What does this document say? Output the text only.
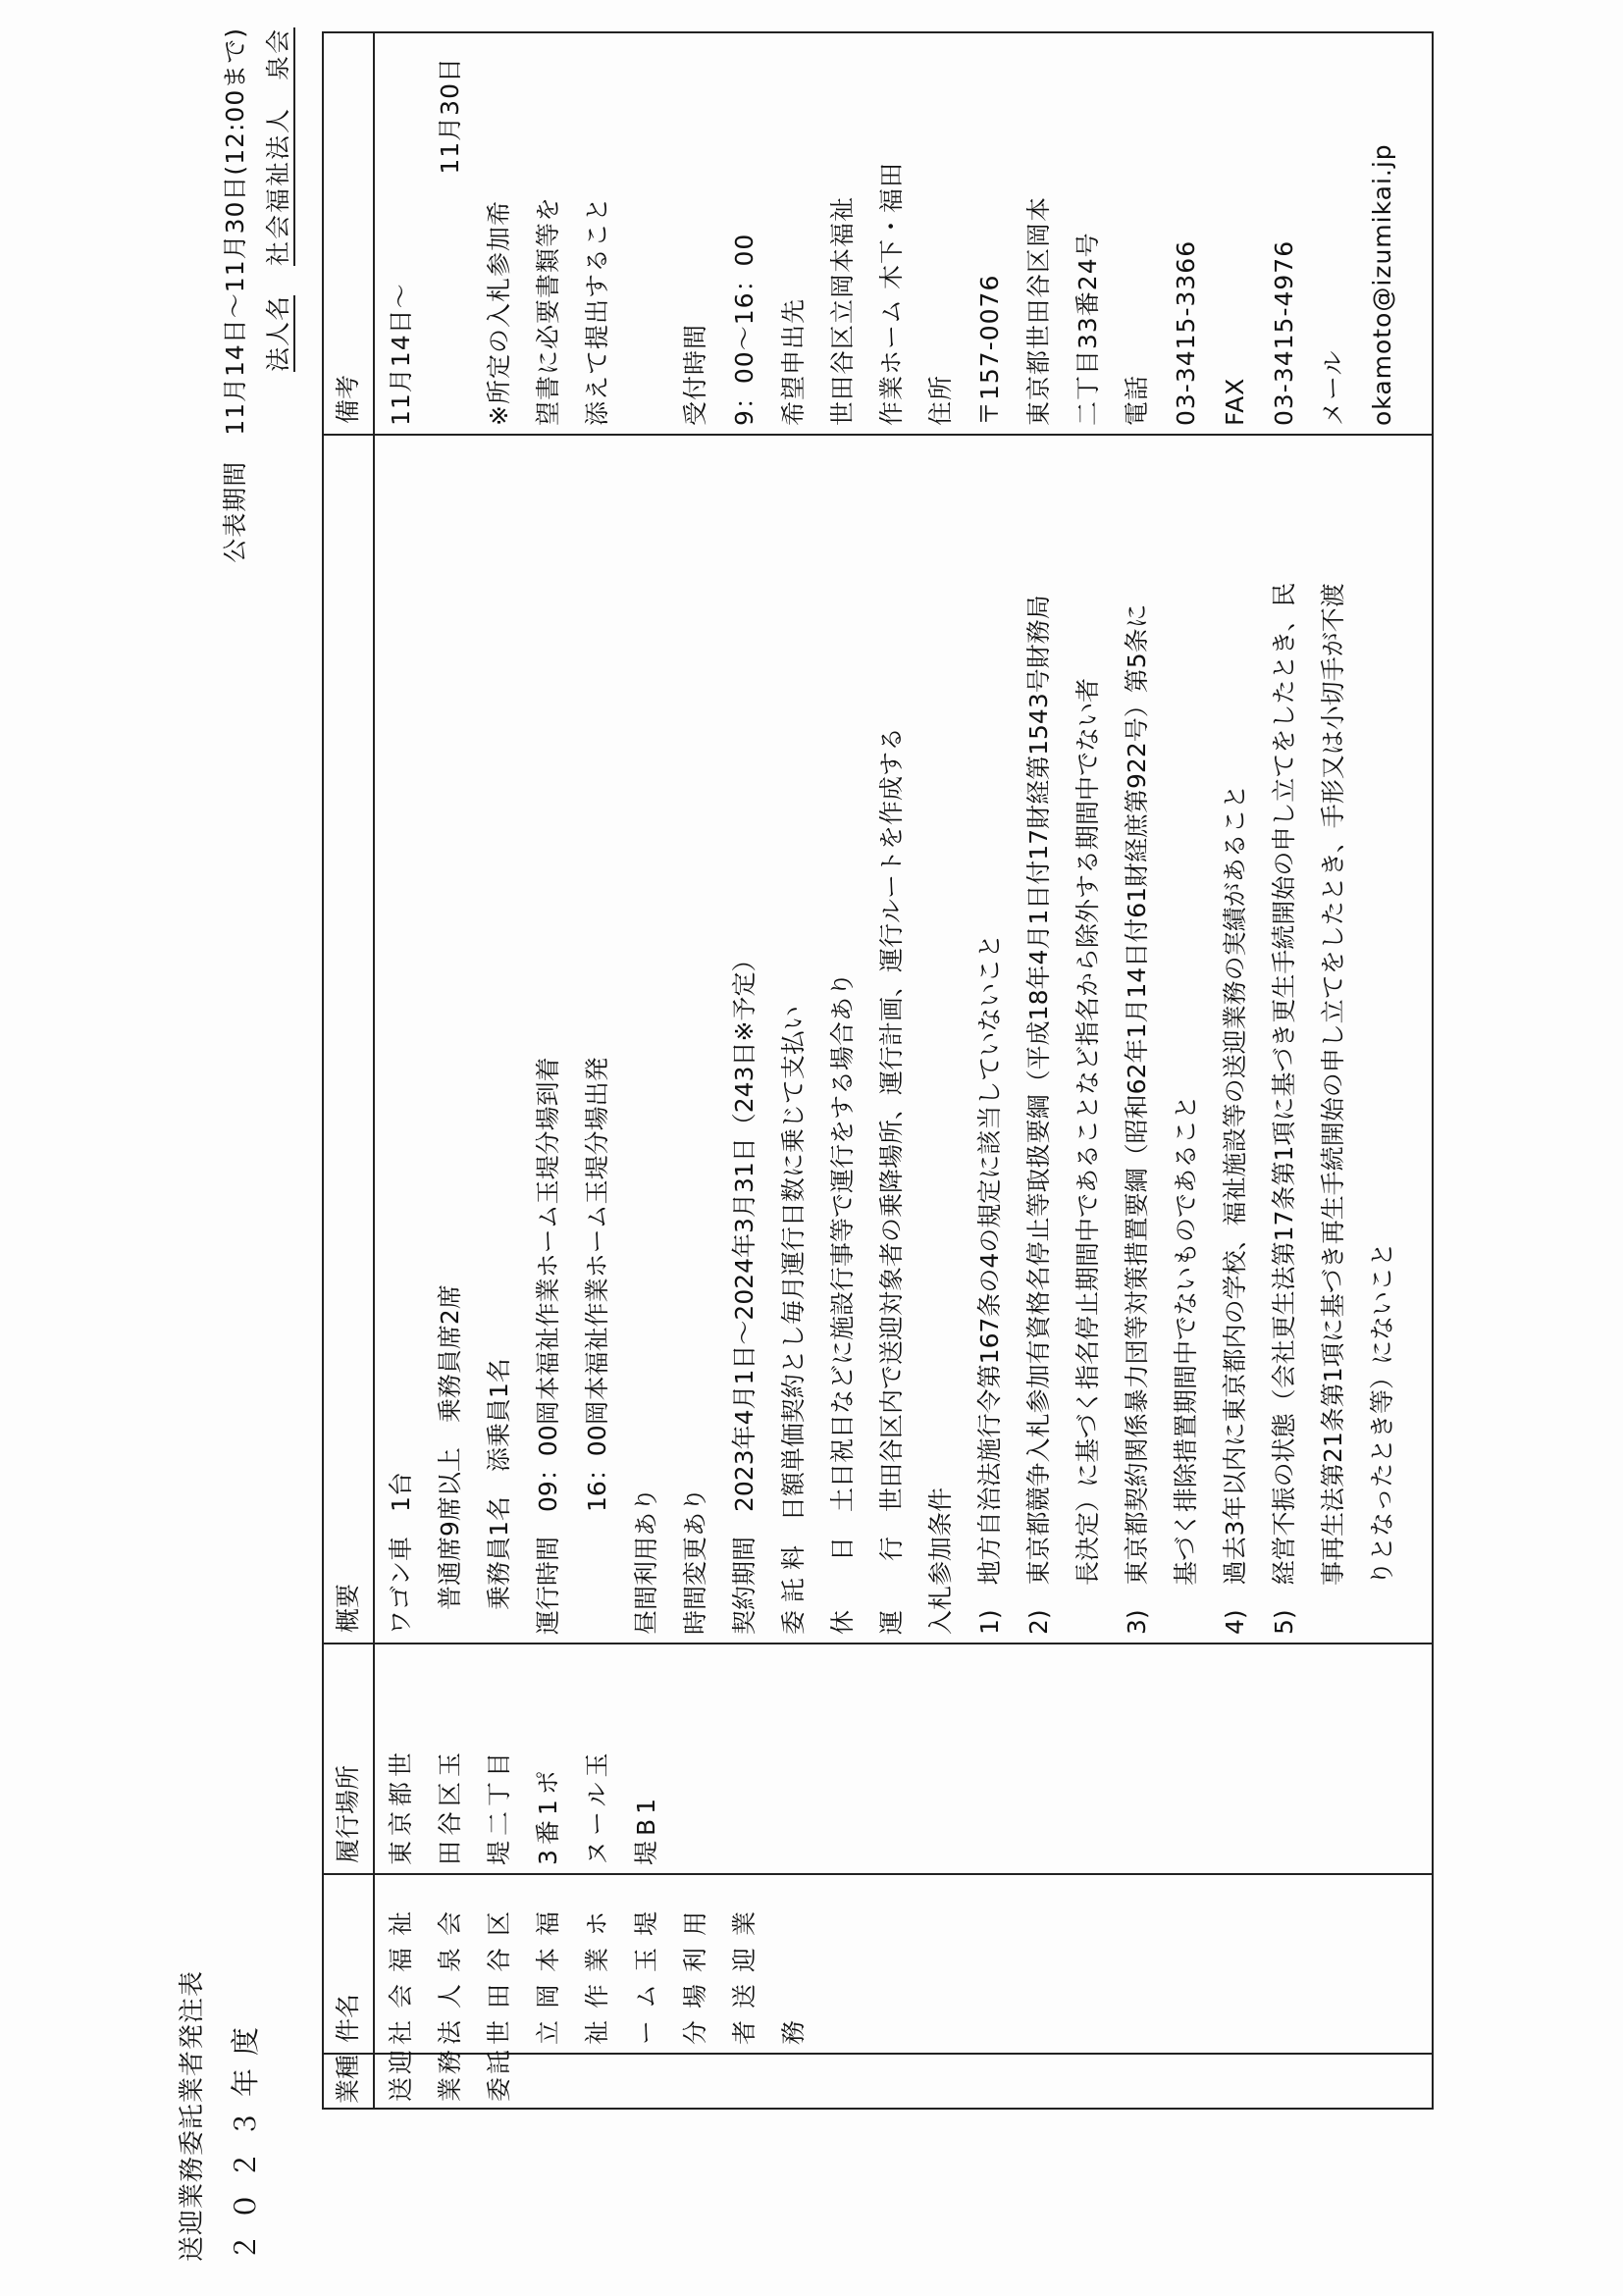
送迎業務委託業者発注表 ２０２３年度
公表期間　11月14日～11月30日(12:00まで) 法人名社会福祉法人　泉会
業種
件名
履行場所
概要
備考
送迎 業務 委託
社会福祉 法人泉会 世田谷区 立岡本福 祉作業ホ ーム玉堤 分場利用 者送迎業 務
東京都世 田谷区玉 堤二丁目 3番1ポ ヌール玉 堤B1
ワゴン車　1台 　普通席9席以上　乗務員席2席 　乗務員1名　添乗員1名 運行時間　09：00岡本福祉作業ホーム玉堤分場到着 　　　　　16：00岡本福祉作業ホーム玉堤分場出発 昼間利用あり 時間変更あり 契約期間　2023年4月1日～2024年3月31日（243日※予定） 委 託 料　日額単価契約とし毎月運行日数に乗じて支払い 休　　日　土日祝日などに施設行事等で運行をする場合あり 運　　行　世田谷区内で送迎対象者の乗降場所、運行計画、運行ルートを作成する 入札参加条件 1)　地方自治法施行令第167条の4の規定に該当していないこと 2)　東京都競争入札参加有資格名停止等取扱要綱（平成18年4月1日付17財経第1543号財務局 　　長決定）に基づく指名停止期間中であることなど指名から除外する期間中でない者 3)　東京都契約関係暴力団等対策措置要綱（昭和62年1月14日付61財経庶第922号）第5条に 　　基づく排除措置期間中でないものであること 4)　過去3年以内に東京都内の学校、福祉施設等の送迎業務の実績があること 5)　経営不振の状態（会社更生法第17条第1項に基づき更生手続開始の申し立てをしたとき、民 　　事再生法第21条第1項に基づき再生手続開始の申し立てをしたとき、手形又は小切手が不渡 　　りとなったとき等）にないこと
11月14日～
11月30日
※所定の入札参加希 望書に必要書類等を 添えて提出すること	受付時間 9：00～16：00 希望申出先 世田谷区立岡本福祉 作業ホーム 木下・福田 住所 〒157-0076 東京都世田谷区岡本 二丁目33番24号 電話 03-3415-3366 FAX 03-3415-4976 メール okamoto@izumikai.jp
